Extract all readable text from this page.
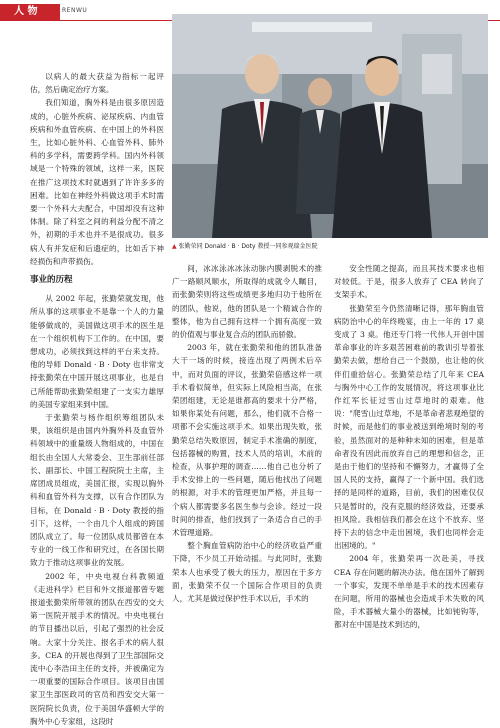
人 物	RENWU

以病人的最大获益为指标一起评估，然后确定治疗方案。

我们知道，胸外科是由很多原因造成的，心脏外疾病、泌尿疾病、内血管疾病和外血管疾病、在中国上的外科医生，比如心脏外科、心血管外科、肺外科的多学科，需要跨学科。国内外科领域是一个特殊的领域，这样一来，医院在推广这项技术时就遇到了许许多多的困难。比如在神经外科做这项手术时需要一个外科大夫配合，中国却没有这种体制。除了科室之间的利益分配不清之外，初期的手术也并不是很成功。很多病人有并发症和后遗症的，比如舌下神经损伤和声带损伤。

事业的历程

从 2002 年起，张勤荣就发现，他所从事的这项事业不是靠一个人的力量能够做成的，美国做这项手术的医生是在一个组织机构下工作的。在中国，要想成功，必须找到这样的平台来支持。他的导师 Donald · B · Doty 也非常支持张勤荣在中国开展这项事业，也是自己所能帮助张勤荣组建了一支实力雄厚的美国专家组来到中国。

于张勤荣与杨作组织筹组团队未果，该组织是由国内外胸外科及血管外科领域中的重量级人物组成的，中国在组长由全国人大常委会、卫生部前任部长、副部长、中国工程院院士主席，主席团成员组成，美国汇报，实现以胸外科和血管外科为支撑，以有合作团队为目标，在 Donald · B · Doty 教授的指引下，这样，一个由几个人组成的跨国团队成立了。每一位团队成员都曾在本专业的一线工作和研究过，在各国长期致力于推动这项事业的发展。

2002 年，中央电视台科教频道《走进科学》栏目和外文报道都曾专题报道张勤荣所带领的团队在西安的交大第一医院开展手术的情况。中央电视台的节目播出以后，引起了强烈的社会反响。大家十分关注、报名手术的病人很多。CEA 的开展也得到了卫生部国际交流中心李浩田主任的支持，并被确定为一项重要的国际合作项目。该项目由国家卫生部医政司的官员和西安交大第一医院院长负责，位于美国华盛顿大学的胸外中心专家组，这段时

▲ 张勤荣同 Donald · B · Doty 教授一同参观瑞金医院

间，冰冰泳冰冰泳动脉内膜剥脱术的推广一路顺风顺水，所取得的成就令人瞩目，而张勤荣则将这些成绩更多地归功于他所在的团队，他说，他的团队是一个精诚合作的整体，他为自己拥有这样一个拥有高度一致的价值观与事业复合点的团队而骄傲。

2003 年，就在张勤荣和他的团队准备大干一场的时候，接连出现了两例术后卒中，而对负面的评议，张勤荣倍感这样一项手术看似简单，但实际上风险相当高，在张荣团组建，无论是谁都高的要求十分严格，如果你某处有问题，那么，他们就不合格一项都不会实施这项手术。如果出现失败，张勤荣总结失败原因，制定手术准确的制度，包括器械的购置，技术人员的培训，术前的检查，从事护理的调查……他自己也分析了手术安排上的一些问题，随后他找出了问题的根源，对手术的管理更加严格，并且每一个病人都需要多名医生参与会诊。经过一段时间的排查，他们找到了一条适合自己的手术管理道路。

整个胸血管病防治中心的经济收益严重下降，不少员工开始动摇。与此同时，张勤荣本人也承受了极大的压力，原因在于多方面，张勤荣不仅一个国际合作项目的负责人，尤其是做过保护性手术以后，手术的

安全性随之提高，而且其技术要求也相对较低。于是，很多人放弃了 CEA 转向了支架手术。

张勤荣至今仍然清晰记得，那年胸血管病防治中心的年终晚宴，由上一年的 17 桌变成了 3 桌。他还专门将一代伟人开创中国革命事业的许多艰苦困难前的教训引导着张勤荣去做，想给自己一个鼓励，也让他的伙伴们重拾信心。张勤荣总结了几年来 CEA 与胸外中心工作的发展情况，将这项事业比作红军长征过雪山过草地时的艰难。他说："爬雪山过草地，不是革命者悲观绝望的时候，而是他们的事业被送到绝境时刻的考验，虽然面对的是种种未知的困难，但是革命者没有因此而放弃自己的理想和信念，正是由于他们的坚持和不懈努力，才赢得了全国人民的支持，赢得了一个新中国。我们选择的是同样的道路，目前，我们的困难仅仅只是暂时的，没有克服的经济效益，还要承担风险。我相信我们都会在这个不放弃、坚持下去的信念中走出困境，我们也同样会走出困境的。"

2004 年，张勤荣再一次赴美，寻找 CEA 存在问题的解决办法。他在国外了解到一个事实，发现不单单是手术的技术因素存在问题，所用的器械也会造成手术失败的风险，手术器械大量小的器械，比如钝钩等，都对在中国是技术到达的，
